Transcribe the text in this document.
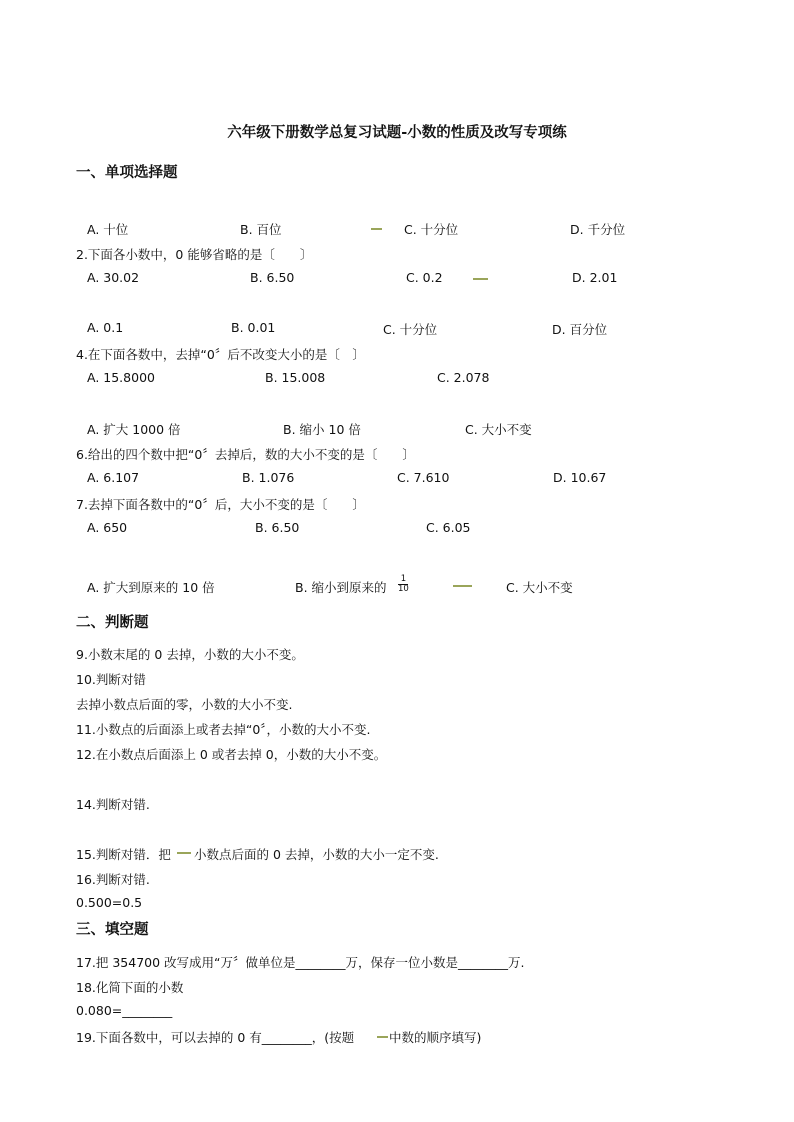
六年级下册数学总复习试题-小数的性质及改写专项练
一、单项选择题
A. 十位	B. 百位	C. 十分位	D. 千分位
2.下面各小数中，0 能够省略的是〔　　〕
A. 30.02	B. 6.50	C. 0.2	D. 2.01
A. 0.1	B. 0.01	C. 十分位	D. 百分位
4.在下面各数中，去掉“0〞后不改变大小的是〔　〕
A. 15.8000	B. 15.008	C. 2.078
A. 扩大 1000 倍	B. 缩小 10 倍	C. 大小不变
6.给出的四个数中把“0〞去掉后，数的大小不变的是〔　　〕
A. 6.107	B. 1.076	C. 7.610	D. 10.67
7.去掉下面各数中的“0〞后，大小不变的是〔　　〕
A. 650	B. 6.50	C. 6.05
A. 扩大到原来的 10 倍	B. 缩小到原来的
1
10	C. 大小不变
二、判断题
9.小数末尾的 0 去掉，小数的大小不变。
10.判断对错
去掉小数点后面的零，小数的大小不变.
11.小数点的后面添上或者去掉“0〞，小数的大小不变.
12.在小数点后面添上 0 或者去掉 0，小数的大小不变。
14.判断对错.
15.判断对错．把 小数点后面的 0 去掉，小数的大小一定不变.
16.判断对错.
0.500=0.5
三、填空题
17.把 354700 改写成用“万〞做单位是________万，保存一位小数是________万.
18.化简下面的小数
0.080=________
19.下面各数中，可以去掉的 0 有________，(按题	中数的顺序填写)
